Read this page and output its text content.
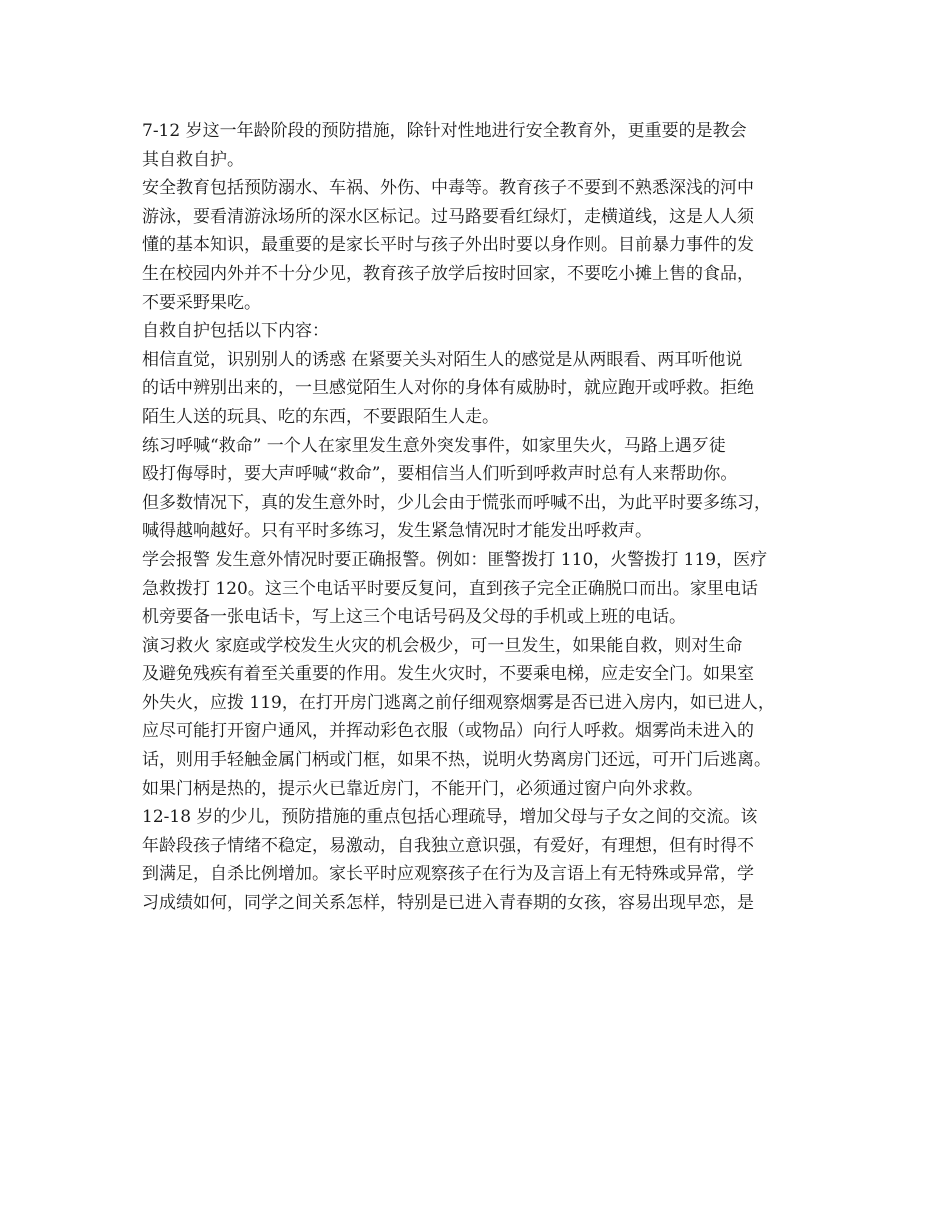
7-12 岁这一年龄阶段的预防措施，除针对性地进行安全教育外，更重要的是教会
其自救自护。
安全教育包括预防溺水、车祸、外伤、中毒等。教育孩子不要到不熟悉深浅的河中
游泳，要看清游泳场所的深水区标记。过马路要看红绿灯，走横道线，这是人人须
懂的基本知识，最重要的是家长平时与孩子外出时要以身作则。目前暴力事件的发
生在校园内外并不十分少见，教育孩子放学后按时回家，不要吃小摊上售的食品，
不要采野果吃。
自救自护包括以下内容：
相信直觉，识别别人的诱惑 在紧要关头对陌生人的感觉是从两眼看、两耳听他说
的话中辨别出来的，一旦感觉陌生人对你的身体有威胁时，就应跑开或呼救。拒绝
陌生人送的玩具、吃的东西，不要跟陌生人走。
练习呼喊“救命” 一个人在家里发生意外突发事件，如家里失火，马路上遇歹徒
殴打侮辱时，要大声呼喊“救命”，要相信当人们听到呼救声时总有人来帮助你。
但多数情况下，真的发生意外时，少儿会由于慌张而呼喊不出，为此平时要多练习，
喊得越响越好。只有平时多练习，发生紧急情况时才能发出呼救声。
学会报警 发生意外情况时要正确报警。例如：匪警拨打 110，火警拨打 119，医疗
急救拨打 120。这三个电话平时要反复问，直到孩子完全正确脱口而出。家里电话
机旁要备一张电话卡，写上这三个电话号码及父母的手机或上班的电话。
演习救火 家庭或学校发生火灾的机会极少，可一旦发生，如果能自救，则对生命
及避免残疾有着至关重要的作用。发生火灾时，不要乘电梯，应走安全门。如果室
外失火，应拨 119，在打开房门逃离之前仔细观察烟雾是否已进入房内，如已进人，
应尽可能打开窗户通风，并挥动彩色衣服（或物品）向行人呼救。烟雾尚未进入的
话，则用手轻触金属门柄或门框，如果不热，说明火势离房门还远，可开门后逃离。
如果门柄是热的，提示火已靠近房门，不能开门，必须通过窗户向外求救。
12-18 岁的少儿，预防措施的重点包括心理疏导，增加父母与子女之间的交流。该
年龄段孩子情绪不稳定，易激动，自我独立意识强，有爱好，有理想，但有时得不
到满足，自杀比例增加。家长平时应观察孩子在行为及言语上有无特殊或异常，学
习成绩如何，同学之间关系怎样，特别是已进入青春期的女孩，容易出现早恋，是
